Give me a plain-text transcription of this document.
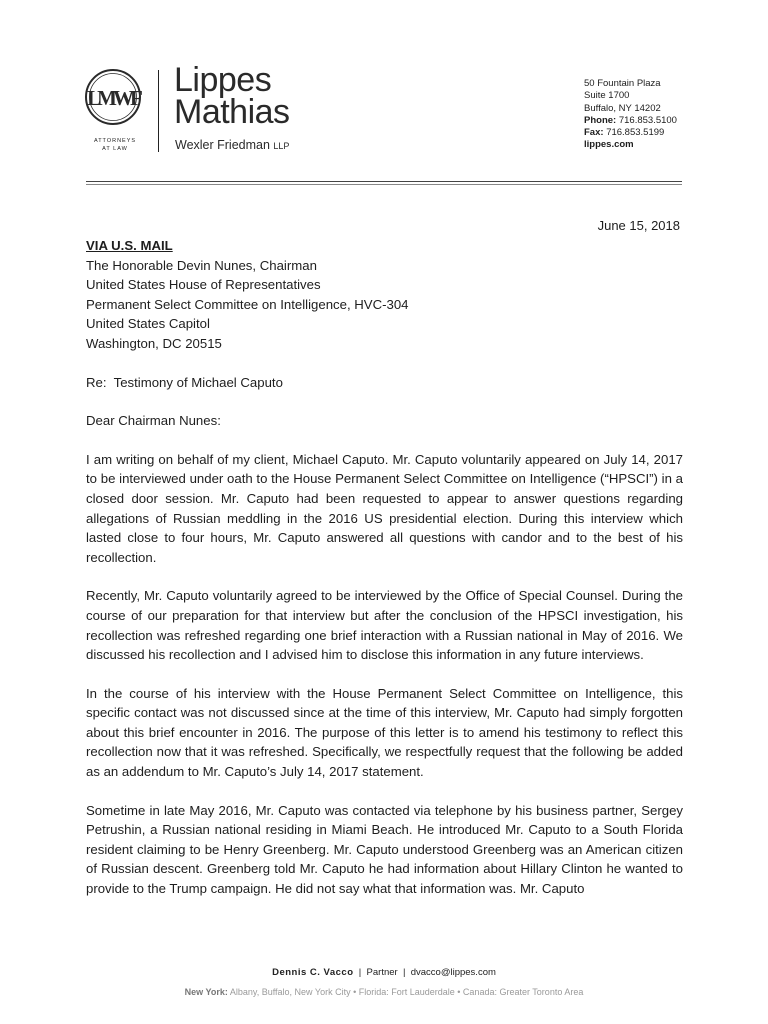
LMWF
ATTORNEYS
AT LAW
Lippes
Mathias
Wexler Friedman LLP
50 Fountain Plaza
Suite 1700
Buffalo, NY 14202
Phone: 716.853.5100
Fax: 716.853.5199
lippes.com
June 15, 2018

VIA U.S. MAIL

The Honorable Devin Nunes, Chairman

United States House of Representatives

Permanent Select Committee on Intelligence, HVC-304

United States Capitol

Washington, DC 20515

Re:  Testimony of Michael Caputo

Dear Chairman Nunes:

I am writing on behalf of my client, Michael Caputo. Mr. Caputo voluntarily appeared on July 14, 2017 to be interviewed under oath to the House Permanent Select Committee on Intelligence (“HPSCI”) in a closed door session. Mr. Caputo had been requested to appear to answer questions regarding allegations of Russian meddling in the 2016 US presidential election. During this interview which lasted close to four hours, Mr. Caputo answered all questions with candor and to the best of his recollection.

Recently, Mr. Caputo voluntarily agreed to be interviewed by the Office of Special Counsel. During the course of our preparation for that interview but after the conclusion of the HPSCI investigation, his recollection was refreshed regarding one brief interaction with a Russian national in May of 2016. We discussed his recollection and I advised him to disclose this information in any future interviews.

In the course of his interview with the House Permanent Select Committee on Intelligence, this specific contact was not discussed since at the time of this interview, Mr. Caputo had simply forgotten about this brief encounter in 2016. The purpose of this letter is to amend his testimony to reflect this recollection now that it was refreshed. Specifically, we respectfully request that the following be added as an addendum to Mr. Caputo’s July 14, 2017 statement.

Sometime in late May 2016, Mr. Caputo was contacted via telephone by his business partner, Sergey Petrushin, a Russian national residing in Miami Beach. He introduced Mr. Caputo to a South Florida resident claiming to be Henry Greenberg. Mr. Caputo understood Greenberg was an American citizen of Russian descent. Greenberg told Mr. Caputo he had information about Hillary Clinton he wanted to provide to the Trump campaign. He did not say what that information was. Mr. Caputo

Dennis C. Vacco  |  Partner  |  dvacco@lippes.com
New York: Albany, Buffalo, New York City • Florida: Fort Lauderdale • Canada: Greater Toronto Area
